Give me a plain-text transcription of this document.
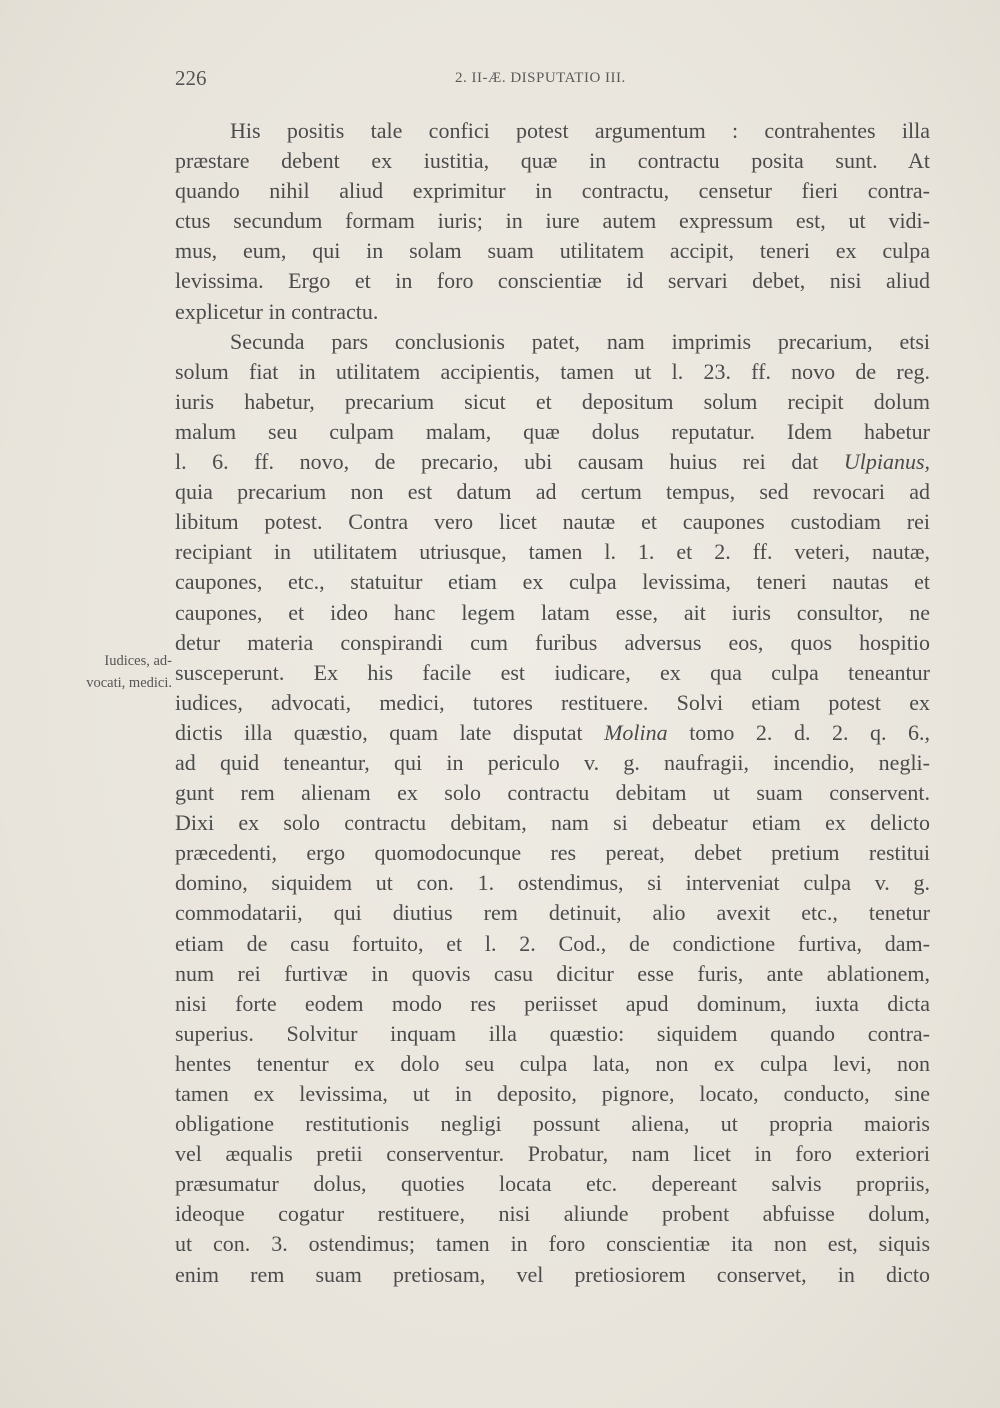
226	2. II-Æ. DISPUTATIO III.
Iudices, ad-
vocati, medici.
His positis tale confici potest argumentum : contrahentes illa
præstare debent ex iustitia, quæ in contractu posita sunt. At
quando nihil aliud exprimitur in contractu, censetur fieri contra-
ctus secundum formam iuris; in iure autem expressum est, ut vidi-
mus, eum, qui in solam suam utilitatem accipit, teneri ex culpa
levissima. Ergo et in foro conscientiæ id servari debet, nisi aliud
explicetur in contractu.
Secunda pars conclusionis patet, nam imprimis precarium, etsi
solum fiat in utilitatem accipientis, tamen ut l. 23. ff. novo de reg.
iuris habetur, precarium sicut et depositum solum recipit dolum
malum seu culpam malam, quæ dolus reputatur. Idem habetur
l. 6. ff. novo, de precario, ubi causam huius rei dat Ulpianus,
quia precarium non est datum ad certum tempus, sed revocari ad
libitum potest. Contra vero licet nautæ et caupones custodiam rei
recipiant in utilitatem utriusque, tamen l. 1. et 2. ff. veteri, nautæ,
caupones, etc., statuitur etiam ex culpa levissima, teneri nautas et
caupones, et ideo hanc legem latam esse, ait iuris consultor, ne
detur materia conspirandi cum furibus adversus eos, quos hospitio
susceperunt. Ex his facile est iudicare, ex qua culpa teneantur
iudices, advocati, medici, tutores restituere. Solvi etiam potest ex
dictis illa quæstio, quam late disputat Molina tomo 2. d. 2. q. 6.,
ad quid teneantur, qui in periculo v. g. naufragii, incendio, negli-
gunt rem alienam ex solo contractu debitam ut suam conservent.
Dixi ex solo contractu debitam, nam si debeatur etiam ex delicto
præcedenti, ergo quomodocunque res pereat, debet pretium restitui
domino, siquidem ut con. 1. ostendimus, si interveniat culpa v. g.
commodatarii, qui diutius rem detinuit, alio avexit etc., tenetur
etiam de casu fortuito, et l. 2. Cod., de condictione furtiva, dam-
num rei furtivæ in quovis casu dicitur esse furis, ante ablationem,
nisi forte eodem modo res periisset apud dominum, iuxta dicta
superius. Solvitur inquam illa quæstio: siquidem quando contra-
hentes tenentur ex dolo seu culpa lata, non ex culpa levi, non
tamen ex levissima, ut in deposito, pignore, locato, conducto, sine
obligatione restitutionis negligi possunt aliena, ut propria maioris
vel æqualis pretii conserventur. Probatur, nam licet in foro exteriori
præsumatur dolus, quoties locata etc. depereant salvis propriis,
ideoque cogatur restituere, nisi aliunde probent abfuisse dolum,
ut con. 3. ostendimus; tamen in foro conscientiæ ita non est, siquis
enim rem suam pretiosam, vel pretiosiorem conservet, in dicto
